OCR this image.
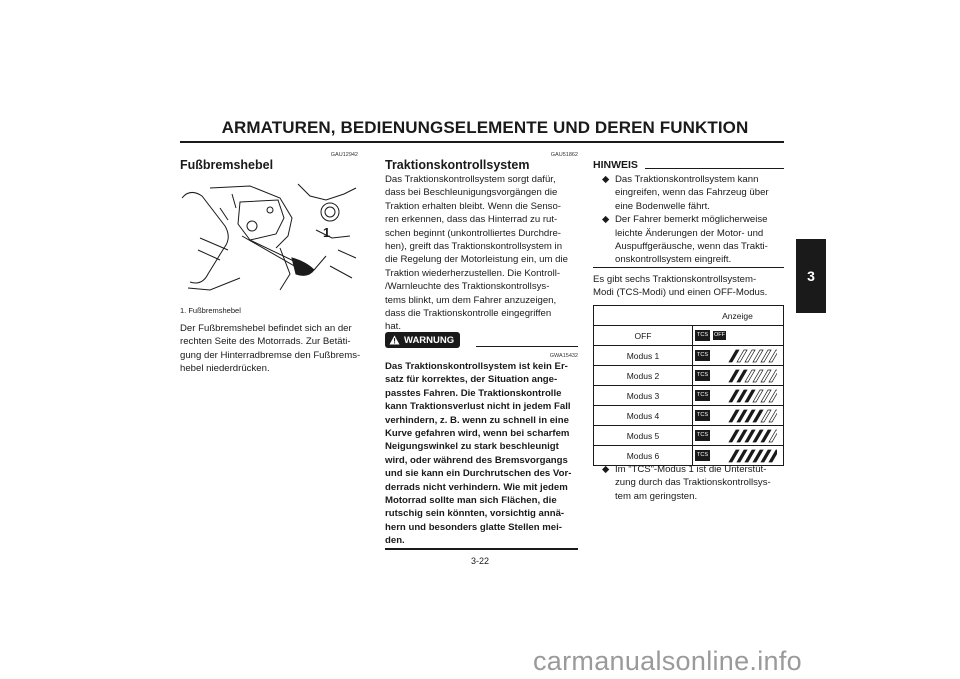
ARMATUREN, BEDIENUNGSELEMENTE UND DEREN FUNKTION
3
GAU12942
Fußbremshebel
1
1. Fußbremshebel
Der Fußbremshebel befindet sich an der
rechten Seite des Motorrads. Zur Betäti-
gung der Hinterradbremse den Fußbrems-
hebel niederdrücken.
GAU51862
Traktionskontrollsystem
Das Traktionskontrollsystem sorgt dafür,
dass bei Beschleunigungsvorgängen die
Traktion erhalten bleibt. Wenn die Senso-
ren erkennen, dass das Hinterrad zu rut-
schen beginnt (unkontrolliertes Durchdre-
hen), greift das Traktionskontrollsystem in
die Regelung der Motorleistung ein, um die
Traktion wiederherzustellen. Die Kontroll-
/Warnleuchte des Traktionskontrollsys-
tems blinkt, um dem Fahrer anzuzeigen,
dass die Traktionskontrolle eingegriffen
hat.
WARNUNG
GWA15432
Das Traktionskontrollsystem ist kein Er-
satz für korrektes, der Situation ange-
passtes Fahren. Die Traktionskontrolle
kann Traktionsverlust nicht in jedem Fall
verhindern, z. B. wenn zu schnell in eine
Kurve gefahren wird, wenn bei scharfem
Neigungswinkel zu stark beschleunigt
wird, oder während des Bremsvorgangs
und sie kann ein Durchrutschen des Vor-
derrads nicht verhindern. Wie mit jedem
Motorrad sollte man sich Flächen, die
rutschig sein könnten, vorsichtig annä-
hern und besonders glatte Stellen mei-
den.
HINWEIS
◆ Das Traktionskontrollsystem kann
eingreifen, wenn das Fahrzeug über
eine Bodenwelle fährt.
◆ Der Fahrer bemerkt möglicherweise
leichte Änderungen der Motor- und
Auspuffgeräusche, wenn das Trakti-
onskontrollsystem eingreift.
Es gibt sechs Traktionskontrollsystem-
Modi (TCS-Modi) und einen OFF-Modus.
	Anzeige
OFF	TCS OFF

Modus 1	TCS

Modus 2	TCS

Modus 3	TCS

Modus 4	TCS

Modus 5	TCS

Modus 6	TCS
◆ Im “TCS”-Modus 1 ist die Unterstüt-
zung durch das Traktionskontrollsys-
tem am geringsten.
3-22
carmanualsonline.info
